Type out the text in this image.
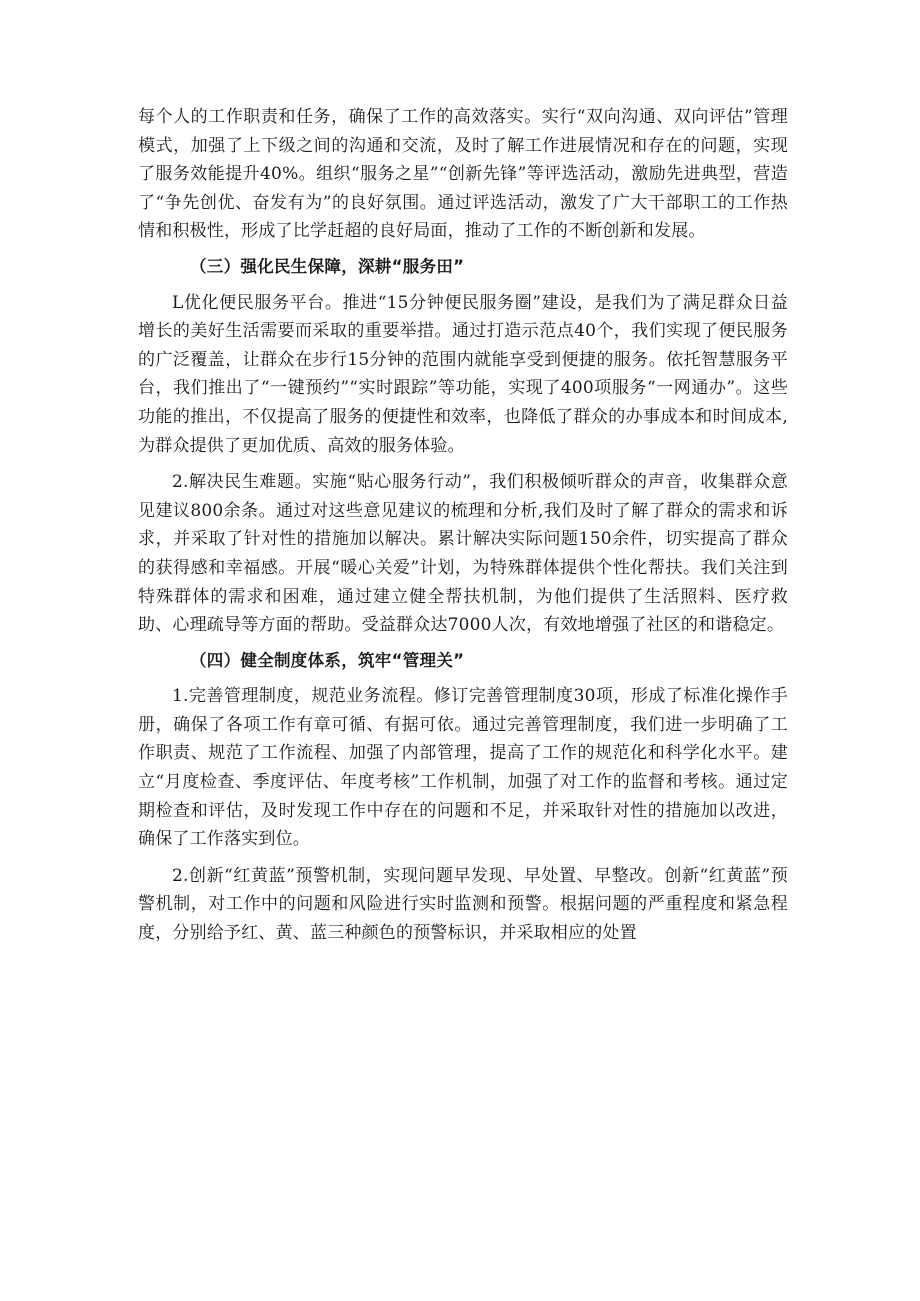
每个人的工作职责和任务，确保了工作的高效落实。实行“双向沟通、双向评估”管理模式，加强了上下级之间的沟通和交流，及时了解工作进展情况和存在的问题，实现了服务效能提升40%。组织“服务之星”“创新先锋”等评选活动，激励先进典型，营造了“争先创优、奋发有为”的良好氛围。通过评选活动，激发了广大干部职工的工作热情和积极性，形成了比学赶超的良好局面，推动了工作的不断创新和发展。

（三）强化民生保障，深耕“服务田”

L优化便民服务平台。推进“15分钟便民服务圈”建设，是我们为了满足群众日益增长的美好生活需要而采取的重要举措。通过打造示范点40个，我们实现了便民服务的广泛覆盖，让群众在步行15分钟的范围内就能享受到便捷的服务。依托智慧服务平台，我们推出了“一键预约”“实时跟踪”等功能，实现了400项服务“一网通办”。这些功能的推出，不仅提高了服务的便捷性和效率，也降低了群众的办事成本和时间成本,为群众提供了更加优质、高效的服务体验。

2.解决民生难题。实施“贴心服务行动”，我们积极倾听群众的声音，收集群众意见建议800余条。通过对这些意见建议的梳理和分析,我们及时了解了群众的需求和诉求，并采取了针对性的措施加以解决。累计解决实际问题150余件，切实提高了群众的获得感和幸福感。开展“暖心关爱”计划，为特殊群体提供个性化帮扶。我们关注到特殊群体的需求和困难，通过建立健全帮扶机制，为他们提供了生活照料、医疗救助、心理疏导等方面的帮助。受益群众达7000人次，有效地增强了社区的和谐稳定。

（四）健全制度体系，筑牢“管理关”

1.完善管理制度，规范业务流程。修订完善管理制度30项，形成了标准化操作手册，确保了各项工作有章可循、有据可依。通过完善管理制度，我们进一步明确了工作职责、规范了工作流程、加强了内部管理，提高了工作的规范化和科学化水平。建立“月度检查、季度评估、年度考核”工作机制，加强了对工作的监督和考核。通过定期检查和评估，及时发现工作中存在的问题和不足，并采取针对性的措施加以改进，确保了工作落实到位。

2.创新“红黄蓝”预警机制，实现问题早发现、早处置、早整改。创新“红黄蓝”预警机制，对工作中的问题和风险进行实时监测和预警。根据问题的严重程度和紧急程度，分别给予红、黄、蓝三种颜色的预警标识，并采取相应的处置
